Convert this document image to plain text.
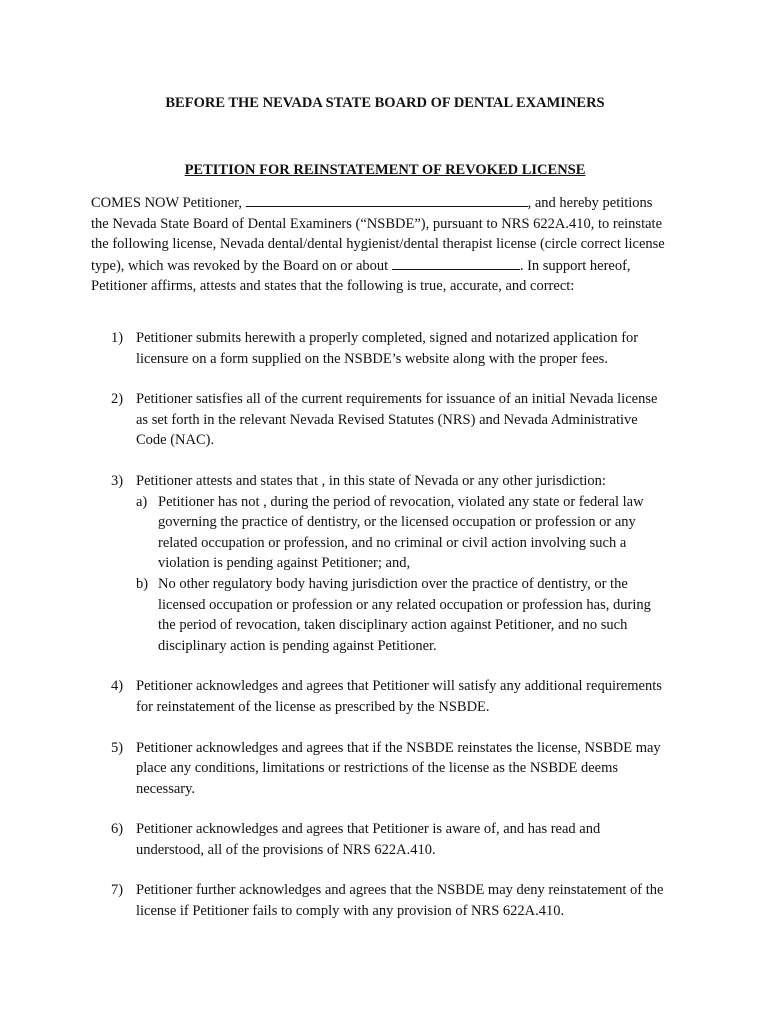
BEFORE THE NEVADA STATE BOARD OF DENTAL EXAMINERS
PETITION FOR REINSTATEMENT OF REVOKED LICENSE
COMES NOW Petitioner,	, and hereby petitions the Nevada State Board of Dental Examiners (“NSBDE”), pursuant to NRS 622A.410, to reinstate the following license, Nevada dental/dental hygienist/dental therapist license (circle correct license type), which was revoked by the Board on or about	. In support hereof, Petitioner affirms, attests and states that the following is true, accurate, and correct:
1) Petitioner submits herewith a properly completed, signed and notarized application for licensure on a form supplied on the NSBDE’s website along with the proper fees.
2) Petitioner satisfies all of the current requirements for issuance of an initial Nevada license as set forth in the relevant Nevada Revised Statutes (NRS) and Nevada Administrative Code (NAC).
3) Petitioner attests and states that , in this state of Nevada or any other jurisdiction:
a) Petitioner has not , during the period of revocation, violated any state or federal law governing the practice of dentistry, or the licensed occupation or profession or any related occupation or profession, and no criminal or civil action involving such a violation is pending against Petitioner; and,
b) No other regulatory body having jurisdiction over the practice of dentistry, or the licensed occupation or profession or any related occupation or profession has, during the period of revocation, taken disciplinary action against Petitioner, and no such disciplinary action is pending against Petitioner.
4) Petitioner acknowledges and agrees that Petitioner will satisfy any additional requirements for reinstatement of the license as prescribed by the NSBDE.
5) Petitioner acknowledges and agrees that if the NSBDE reinstates the license, NSBDE may place any conditions, limitations or restrictions of the license as the NSBDE deems necessary.
6) Petitioner acknowledges and agrees that Petitioner is aware of, and has read and understood, all of the provisions of NRS 622A.410.
7) Petitioner further acknowledges and agrees that the NSBDE may deny reinstatement of the license if Petitioner fails to comply with any provision of NRS 622A.410.
